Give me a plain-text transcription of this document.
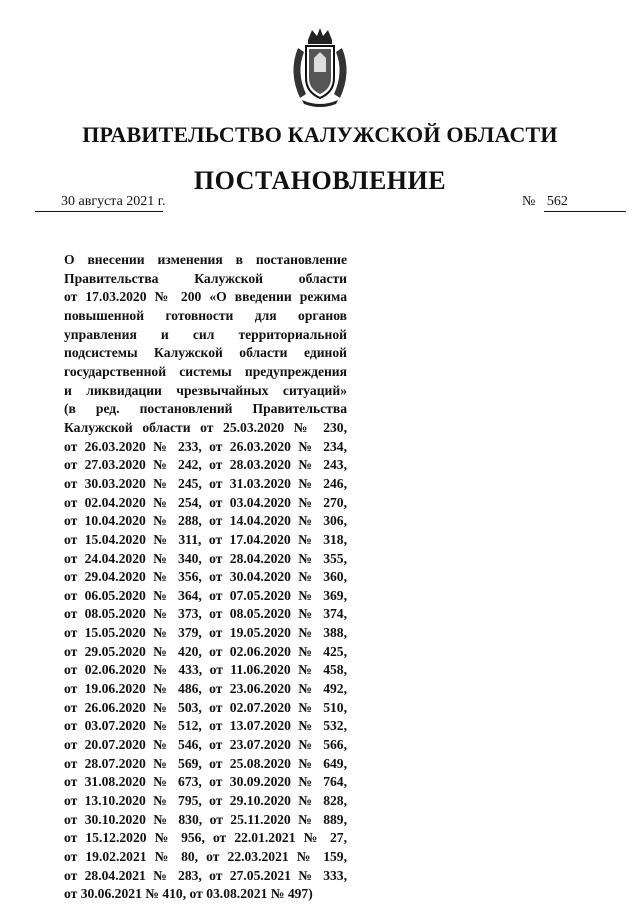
ПРАВИТЕЛЬСТВО КАЛУЖСКОЙ ОБЛАСТИ
ПОСТАНОВЛЕНИЕ
30 августа 2021 г.	№ 562
О внесении изменения в постановление
Правительства Калужской области
от 17.03.2020 № 200 «О введении режима
повышенной готовности для органов
управления и сил территориальной
подсистемы Калужской области единой
государственной системы предупреждения
и ликвидации чрезвычайных ситуаций»
(в ред. постановлений Правительства
Калужской области от 25.03.2020 № 230,
от 26.03.2020 № 233, от 26.03.2020 № 234,
от 27.03.2020 № 242, от 28.03.2020 № 243,
от 30.03.2020 № 245, от 31.03.2020 № 246,
от 02.04.2020 № 254, от 03.04.2020 № 270,
от 10.04.2020 № 288, от 14.04.2020 № 306,
от 15.04.2020 № 311, от 17.04.2020 № 318,
от 24.04.2020 № 340, от 28.04.2020 № 355,
от 29.04.2020 № 356, от 30.04.2020 № 360,
от 06.05.2020 № 364, от 07.05.2020 № 369,
от 08.05.2020 № 373, от 08.05.2020 № 374,
от 15.05.2020 № 379, от 19.05.2020 № 388,
от 29.05.2020 № 420, от 02.06.2020 № 425,
от 02.06.2020 № 433, от 11.06.2020 № 458,
от 19.06.2020 № 486, от 23.06.2020 № 492,
от 26.06.2020 № 503, от 02.07.2020 № 510,
от 03.07.2020 № 512, от 13.07.2020 № 532,
от 20.07.2020 № 546, от 23.07.2020 № 566,
от 28.07.2020 № 569, от 25.08.2020 № 649,
от 31.08.2020 № 673, от 30.09.2020 № 764,
от 13.10.2020 № 795, от 29.10.2020 № 828,
от 30.10.2020 № 830, от 25.11.2020 № 889,
от 15.12.2020 № 956, от 22.01.2021 № 27,
от 19.02.2021 № 80, от 22.03.2021 № 159,
от 28.04.2021 № 283, от 27.05.2021 № 333,
от 30.06.2021 № 410, от 03.08.2021 № 497)
